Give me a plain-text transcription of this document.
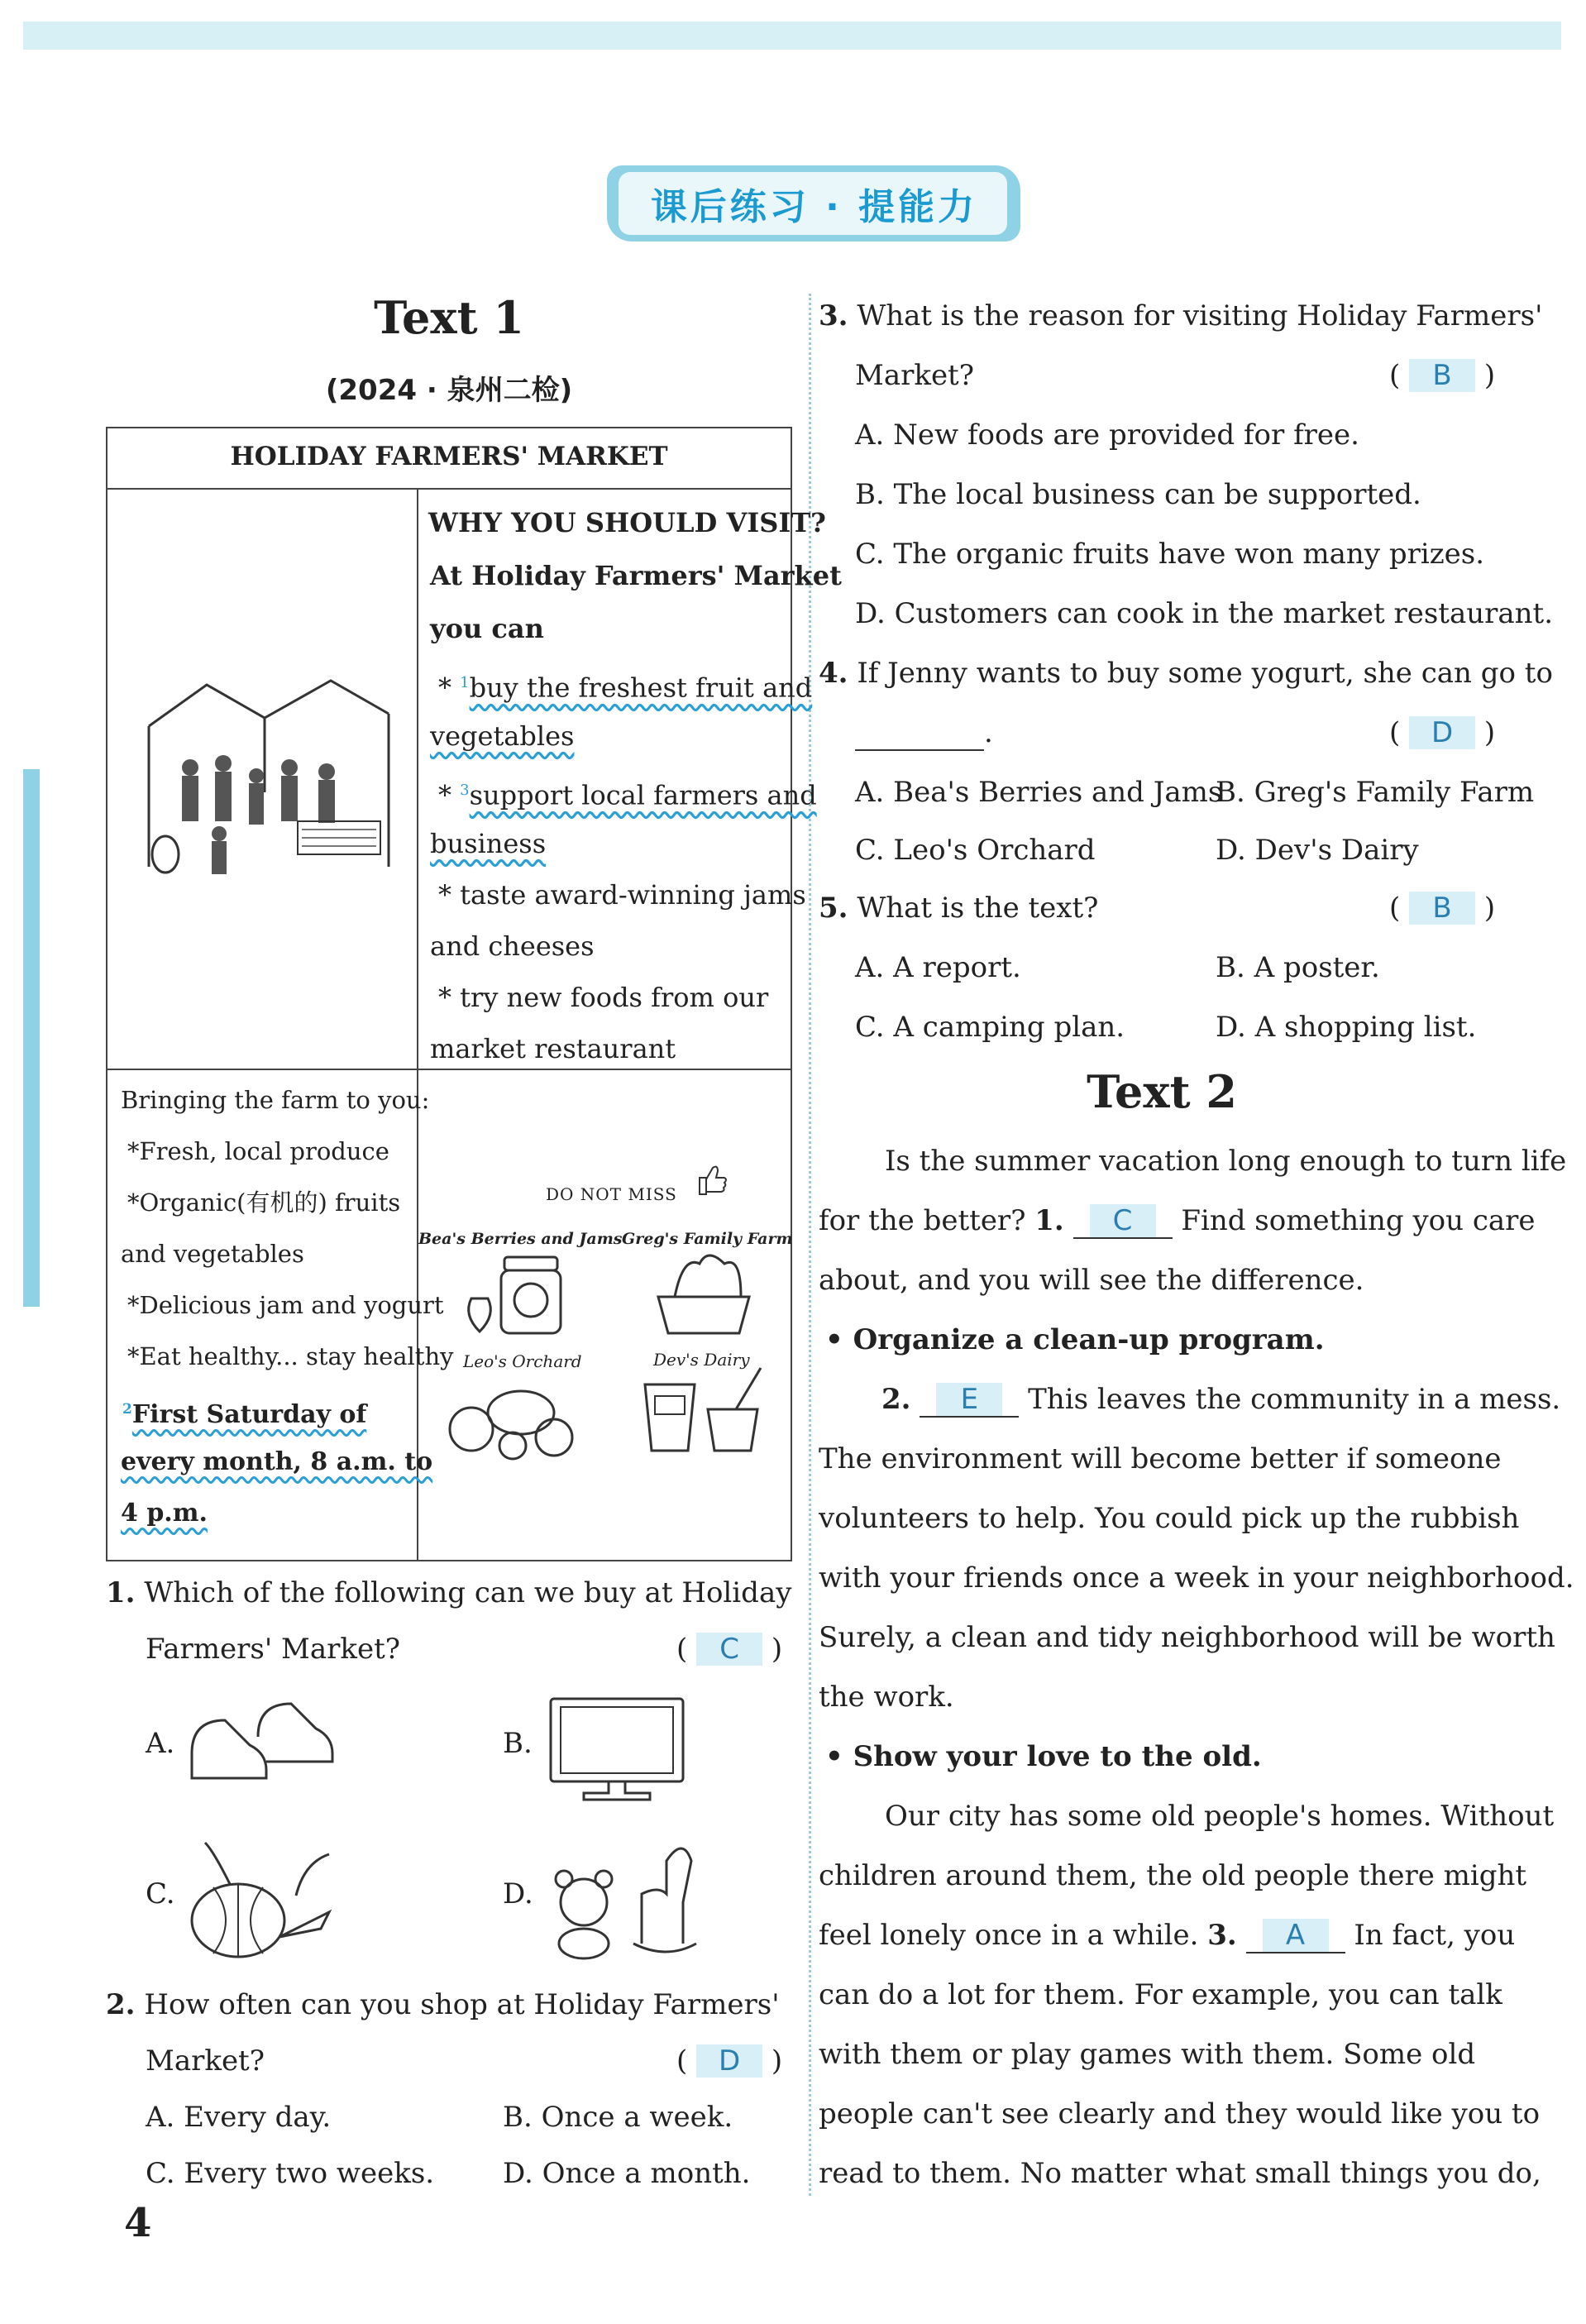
课后练习 · 提能力
Text 1
(2024 · 泉州二检)
HOLIDAY FARMERS' MARKET
WHY YOU SHOULD VISIT?
At Holiday Farmers' Market
you can
* $^1$buy the freshest fruit and
vegetables
* $^3$support local farmers and
business
* taste award-winning jams
and cheeses
* try new foods from our
market restaurant
Bringing the farm to you:
*Fresh, local produce
*Organic(有机的) fruits
and vegetables
*Delicious jam and yogurt
*Eat healthy... stay healthy
$^2$First Saturday of
every month, 8 a.m. to
4 p.m.
DO NOT MISS
Bea's Berries and Jams Greg's Family Farm
Leo's Orchard	Dev's Dairy
1. Which of the following can we buy at Holiday
Farmers' Market?	( C )
A.	B.
C.	D.
2. How often can you shop at Holiday Farmers'
Market?	( D )
A. Every day.	B. Once a week.
C. Every two weeks. D. Once a month.
4
3. What is the reason for visiting Holiday Farmers'
Market?	( B )
A. New foods are provided for free.
B. The local business can be supported.
C. The organic fruits have won many prizes.
D. Customers can cook in the market restaurant.
4. If Jenny wants to buy some yogurt, she can go to
.	( D )
A. Bea's Berries and Jams
B. Greg's Family Farm
C. Leo's Orchard	D. Dev's Dairy
5. What is the text?	( B )
A. A report.	B. A poster.
C. A camping plan.	D. A shopping list.
Text 2
Is the summer vacation long enough to turn life
for the better? 1. C Find something you care
about, and you will see the difference.
• Organize a clean-up program.
2. E This leaves the community in a mess.
The environment will become better if someone
volunteers to help. You could pick up the rubbish
with your friends once a week in your neighborhood.
Surely, a clean and tidy neighborhood will be worth
the work.
• Show your love to the old.
Our city has some old people's homes. Without
children around them, the old people there might
feel lonely once in a while. 3. A In fact, you
can do a lot for them. For example, you can talk
with them or play games with them. Some old
people can't see clearly and they would like you to
read to them. No matter what small things you do,
